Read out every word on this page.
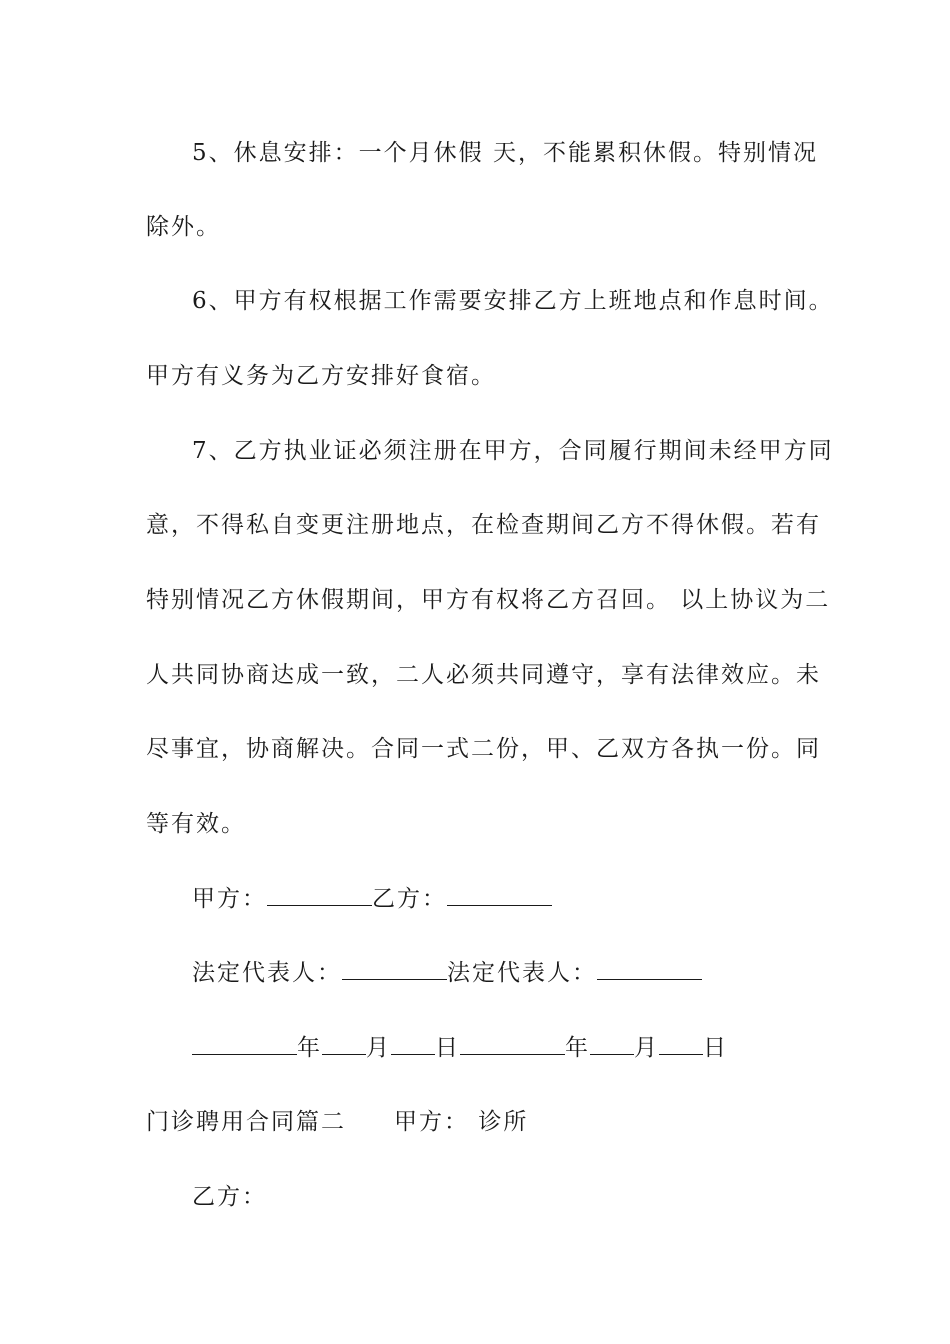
5、休息安排：一个月休假 天，不能累积休假。特别情况
除外。
6、甲方有权根据工作需要安排乙方上班地点和作息时间。
甲方有义务为乙方安排好食宿。
7、乙方执业证必须注册在甲方，合同履行期间未经甲方同
意，不得私自变更注册地点，在检查期间乙方不得休假。若有
特别情况乙方休假期间，甲方有权将乙方召回。 以上协议为二
人共同协商达成一致，二人必须共同遵守，享有法律效应。未
尽事宜，协商解决。合同一式二份，甲、乙双方各执一份。同
等有效。
甲方：	乙方：
法定代表人：	法定代表人：
年 月 日	年 月 日
门诊聘用合同篇二 甲方： 诊所
乙方：
